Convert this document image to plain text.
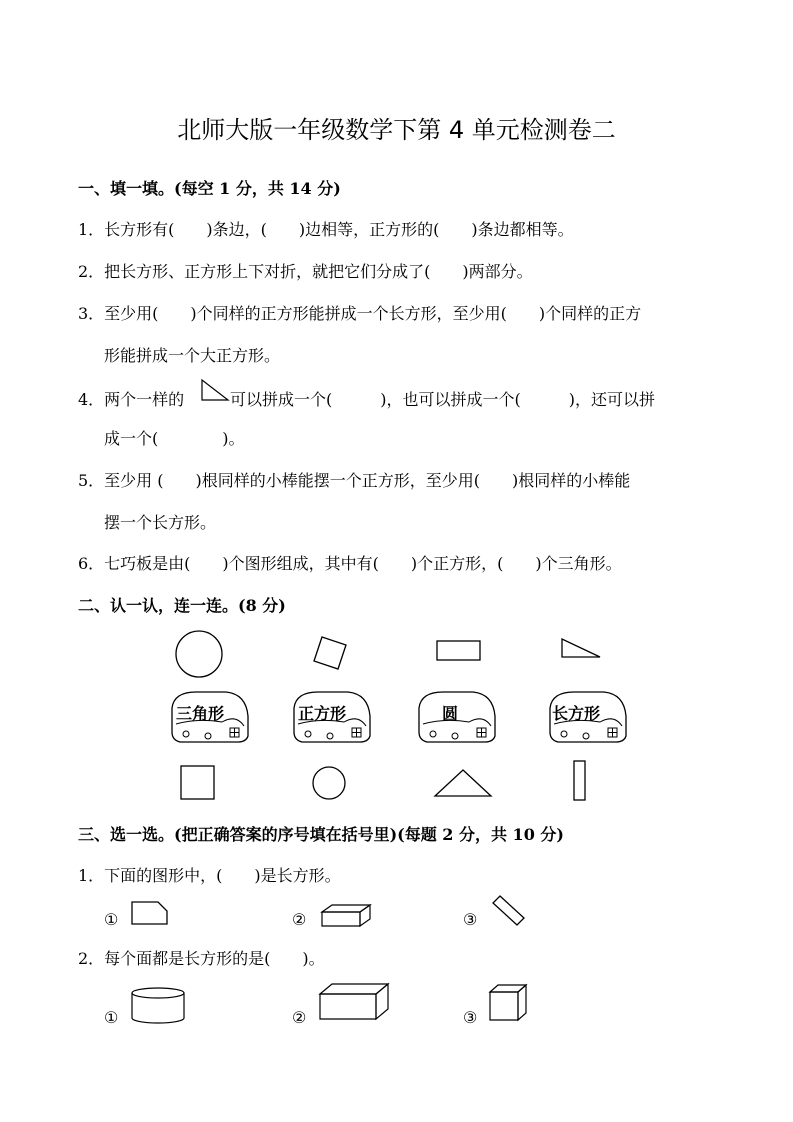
北师大版一年级数学下第 4 单元检测卷二
一、填一填。(每空 1 分，共 14 分)
1．长方形有(　　)条边，(　　)边相等，正方形的(　　)条边都相等。
2．把长方形、正方形上下对折，就把它们分成了(　　)两部分。
3．至少用(　　)个同样的正方形能拼成一个长方形，至少用(　　)个同样的正方
形能拼成一个大正方形。
4．两个一样的	可以拼成一个(　　　)，也可以拼成一个(　　　)，还可以拼
成一个(　　　　)。
5．至少用 (　　)根同样的小棒能摆一个正方形，至少用(　　)根同样的小棒能
摆一个长方形。
6．七巧板是由(　　)个图形组成，其中有(　　)个正方形，(　　)个三角形。
二、认一认，连一连。(8 分)
三角形	正方形	圆	长方形
三、选一选。(把正确答案的序号填在括号里)(每题 2 分，共 10 分)
1．下面的图形中，(　　)是长方形。
①	②	③
2．每个面都是长方形的是(　　)。
①	②	③
